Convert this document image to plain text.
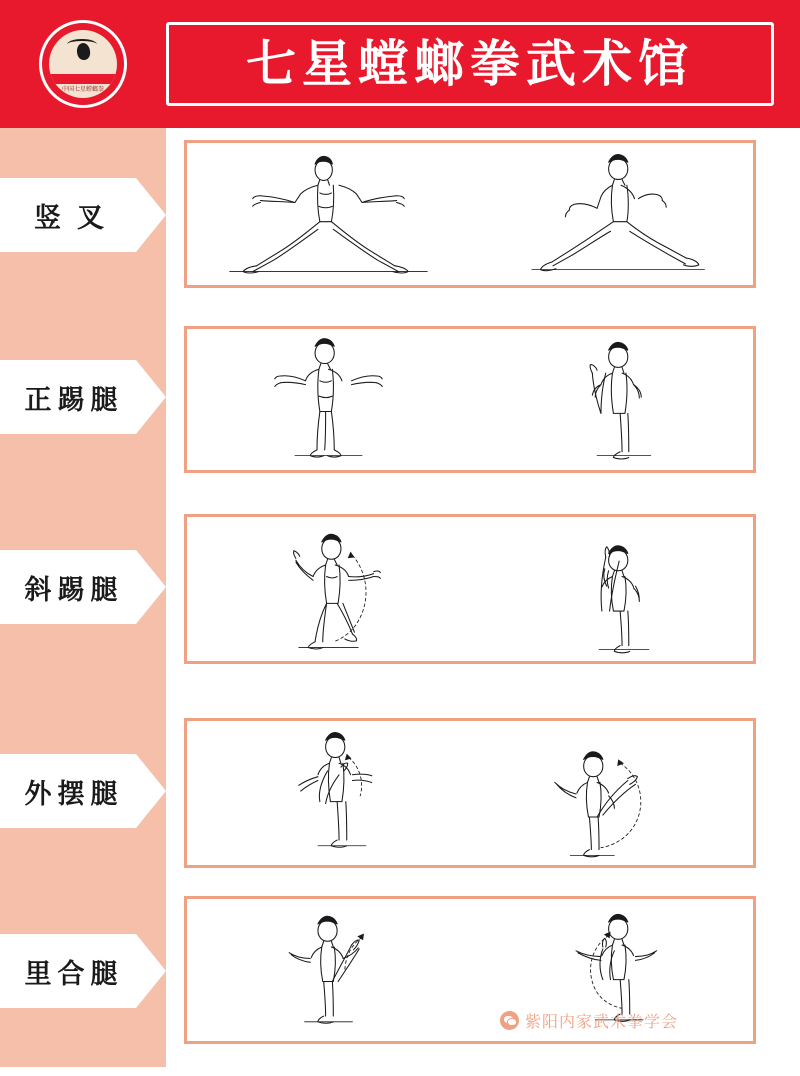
中国七星螳螂拳	七星螳螂拳武术馆
竖叉
正踢腿
斜踢腿
外摆腿
里合腿
紫阳内家武术拳学会
